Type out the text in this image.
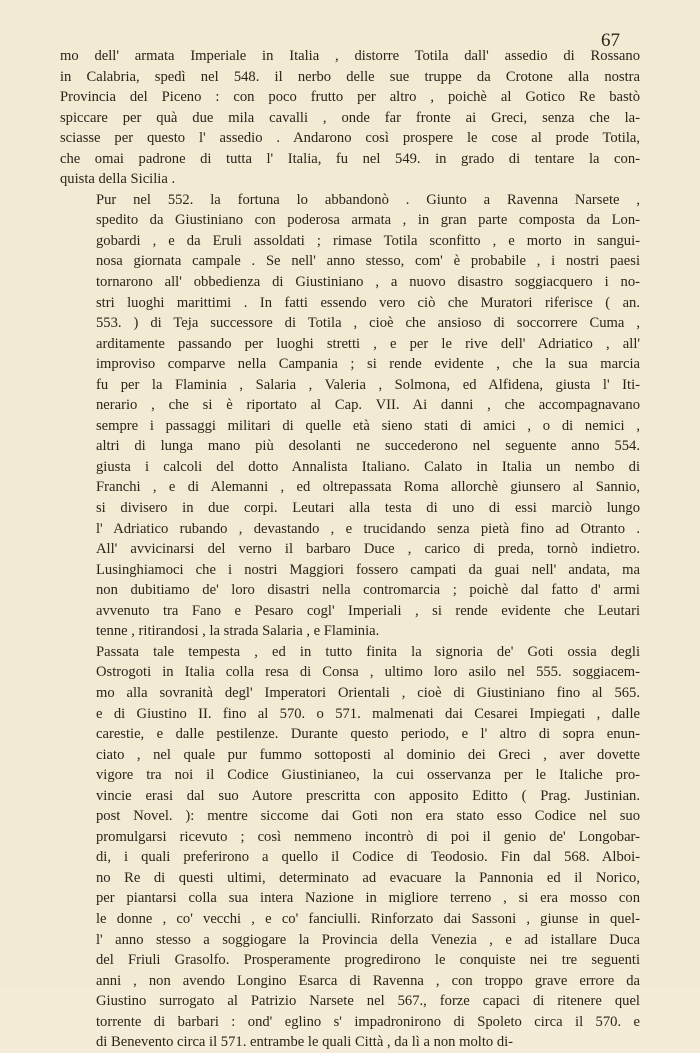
67
mo dell' armata Imperiale in Italia , distorre Totila dall' assedio di Rossano
in Calabria, spedì nel 548. il nerbo delle sue truppe da Crotone alla nostra
Provincia del Piceno : con poco frutto per altro , poichè al Gotico Re bastò
spiccare per quà due mila cavalli , onde far fronte ai Greci, senza che la-
sciasse per questo l' assedio . Andarono così prospere le cose al prode Totila,
che omai padrone di tutta l' Italia, fu nel 549. in grado di tentare la con-
quista della Sicilia .
Pur nel 552. la fortuna lo abbandonò . Giunto a Ravenna Narsete ,
spedito da Giustiniano con poderosa armata , in gran parte composta da Lon-
gobardi , e da Eruli assoldati ; rimase Totila sconfitto , e morto in sangui-
nosa giornata campale . Se nell' anno stesso, com' è probabile , i nostri paesi
tornarono all' obbedienza di Giustiniano , a nuovo disastro soggiacquero i no-
stri luoghi marittimi . In fatti essendo vero ciò che Muratori riferisce ( an.
553. ) di Teja successore di Totila , cioè che ansioso di soccorrere Cuma ,
arditamente passando per luoghi stretti , e per le rive dell' Adriatico , all'
improviso comparve nella Campania ; si rende evidente , che la sua marcia
fu per la Flaminia , Salaria , Valeria , Solmona, ed Alfidena, giusta l' Iti-
nerario , che si è riportato al Cap. VII. Ai danni , che accompagnavano
sempre i passaggi militari di quelle età sieno stati di amici , o di nemici ,
altri di lunga mano più desolanti ne succederono nel seguente anno 554.
giusta i calcoli del dotto Annalista Italiano. Calato in Italia un nembo di
Franchi , e di Alemanni , ed oltrepassata Roma allorchè giunsero al Sannio,
si divisero in due corpi. Leutari alla testa di uno di essi marciò lungo
l' Adriatico rubando , devastando , e trucidando senza pietà fino ad Otranto .
All' avvicinarsi del verno il barbaro Duce , carico di preda, tornò indietro.
Lusinghiamoci che i nostri Maggiori fossero campati da guai nell' andata, ma
non dubitiamo de' loro disastri nella contromarcia ; poichè dal fatto d' armi
avvenuto tra Fano e Pesaro cogl' Imperiali , si rende evidente che Leutari
tenne , ritirandosi , la strada Salaria , e Flaminia.
Passata tale tempesta , ed in tutto finita la signoria de' Goti ossia degli
Ostrogoti in Italia colla resa di Consa , ultimo loro asilo nel 555. soggiacem-
mo alla sovranità degl' Imperatori Orientali , cioè di Giustiniano fino al 565.
e di Giustino II. fino al 570. o 571. malmenati dai Cesarei Impiegati , dalle
carestie, e dalle pestilenze. Durante questo periodo, e l' altro di sopra enun-
ciato , nel quale pur fummo sottoposti al dominio dei Greci , aver dovette
vigore tra noi il Codice Giustinianeo, la cui osservanza per le Italiche pro-
vincie erasi dal suo Autore prescritta con apposito Editto ( Prag. Justinian.
post Novel. ): mentre siccome dai Goti non era stato esso Codice nel suo
promulgarsi ricevuto ; così nemmeno incontrò di poi il genio de' Longobar-
di, i quali preferirono a quello il Codice di Teodosio. Fin dal 568. Alboi-
no Re di questi ultimi, determinato ad evacuare la Pannonia ed il Norico,
per piantarsi colla sua intera Nazione in migliore terreno , si era mosso con
le donne , co' vecchi , e co' fanciulli. Rinforzato dai Sassoni , giunse in quel-
l' anno stesso a soggiogare la Provincia della Venezia , e ad istallare Duca
del Friuli Grasolfo. Prosperamente progredirono le conquiste nei tre seguenti
anni , non avendo Longino Esarca di Ravenna , con troppo grave errore da
Giustino surrogato al Patrizio Narsete nel 567., forze capaci di ritenere quel
torrente di barbari : ond' eglino s' impadronirono di Spoleto circa il 570. e
di Benevento circa il 571. entrambe le quali Città , da lì a non molto di-
